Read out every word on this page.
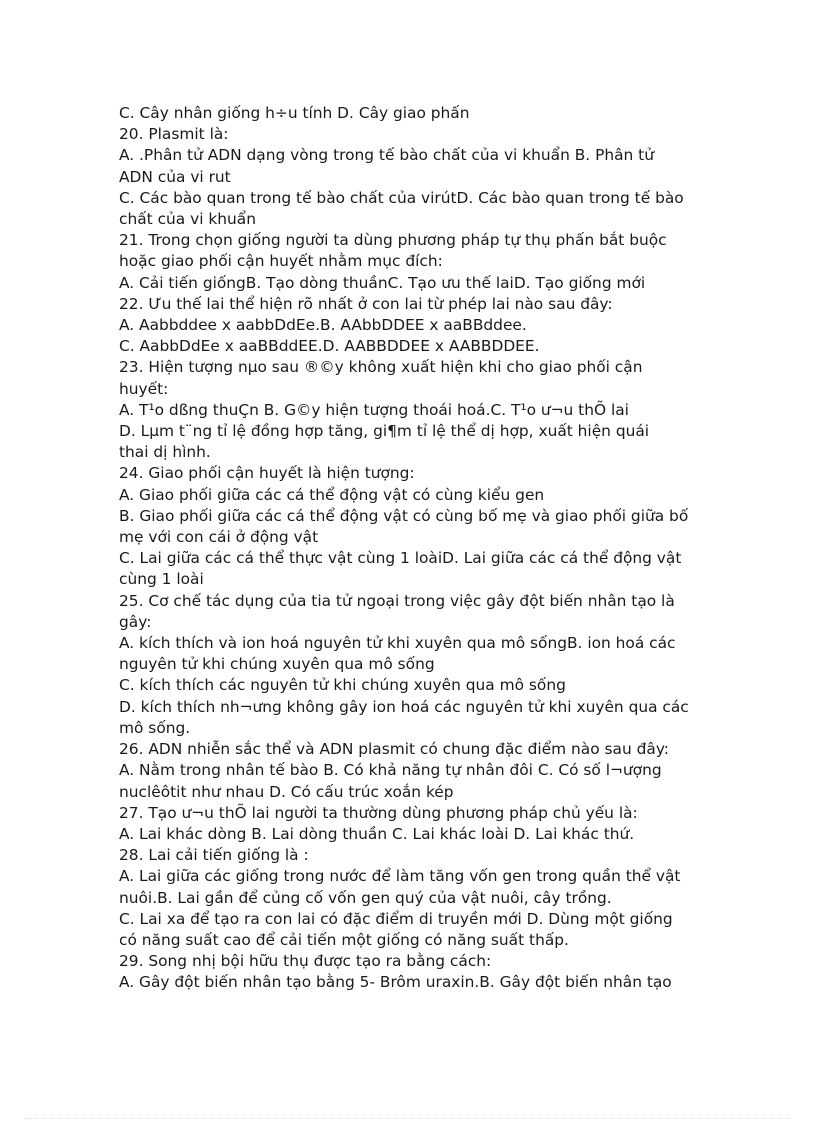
C. Cây nhân giống h÷u tính D. Cây giao phấn

20. Plasmit là:

A. .Phân tử ADN dạng vòng trong tế bào chất của vi khuẩn B. Phân tử

ADN của vi rut

C. Các bào quan trong tế bào chất của virútD. Các bào quan trong tế bào

chất của vi khuẩn

21. Trong chọn giống người ta dùng phương pháp tự thụ phấn bắt buộc

hoặc giao phối cận huyết nhằm mục đích:

A. Cải tiến giốngB. Tạo dòng thuầnC. Tạo ưu thế laiD. Tạo giống mới

22. Ưu thế lai thể hiện rõ nhất ở con lai từ phép lai nào sau đây:

A. Aabbddee x aabbDdEe.B. AAbbDDEE x aaBBddee.

C. AabbDdEe x aaBBddEE.D. AABBDDEE x AABBDDEE.

23. Hiện tượng nµo sau ®©y không xuất hiện khi cho giao phối cận

huyết:

A. T¹o dßng thuÇn B. G©y hiện tượng thoái hoá.C. T¹o ư¬u thÕ lai

D. Lµm t¨ng tỉ lệ đồng hợp tăng, gi¶m tỉ lệ thể dị hợp, xuất hiện quái

thai dị hình.

24. Giao phối cận huyết là hiện tượng:

A. Giao phối giữa các cá thể động vật có cùng kiểu gen

B. Giao phối giữa các cá thể động vật có cùng bố mẹ và giao phối giữa bố

mẹ với con cái ở động vật

C. Lai giữa các cá thể thực vật cùng 1 loàiD. Lai giữa các cá thể động vật

cùng 1 loài

25. Cơ chế tác dụng của tia tử ngoại trong việc gây đột biến nhân tạo là

gây:

A. kích thích và ion hoá nguyên tử khi xuyên qua mô sốngB. ion hoá các

nguyên tử khi chúng xuyên qua mô sống

C. kích thích các nguyên tử khi chúng xuyên qua mô sống

D. kích thích nh¬ưng không gây ion hoá các nguyên tử khi xuyên qua các

mô sống.

26. ADN nhiễn sắc thể và ADN plasmit có chung đặc điểm nào sau đây:

A. Nằm trong nhân tế bào B. Có khả năng tự nhân đôi C. Có số l¬ượng

nuclêôtit như nhau D. Có cấu trúc xoắn kép

27. Tạo ư¬u thÕ lai người ta thường dùng phương pháp chủ yếu là:

A. Lai khác dòng B. Lai dòng thuần C. Lai khác loài D. Lai khác thứ.

28. Lai cải tiến giống là :

A. Lai giữa các giống trong nước để làm tăng vốn gen trong quần thể vật

nuôi.B. Lai gần để củng cố vốn gen quý của vật nuôi, cây trồng.

C. Lai xa để tạo ra con lai có đặc điểm di truyền mới D. Dùng một giống

có năng suất cao để cải tiến một giống có năng suất thấp.

29. Song nhị bội hữu thụ được tạo ra bằng cách:

A. Gây đột biến nhân tạo bằng 5- Brôm uraxin.B. Gây đột biến nhân tạo
